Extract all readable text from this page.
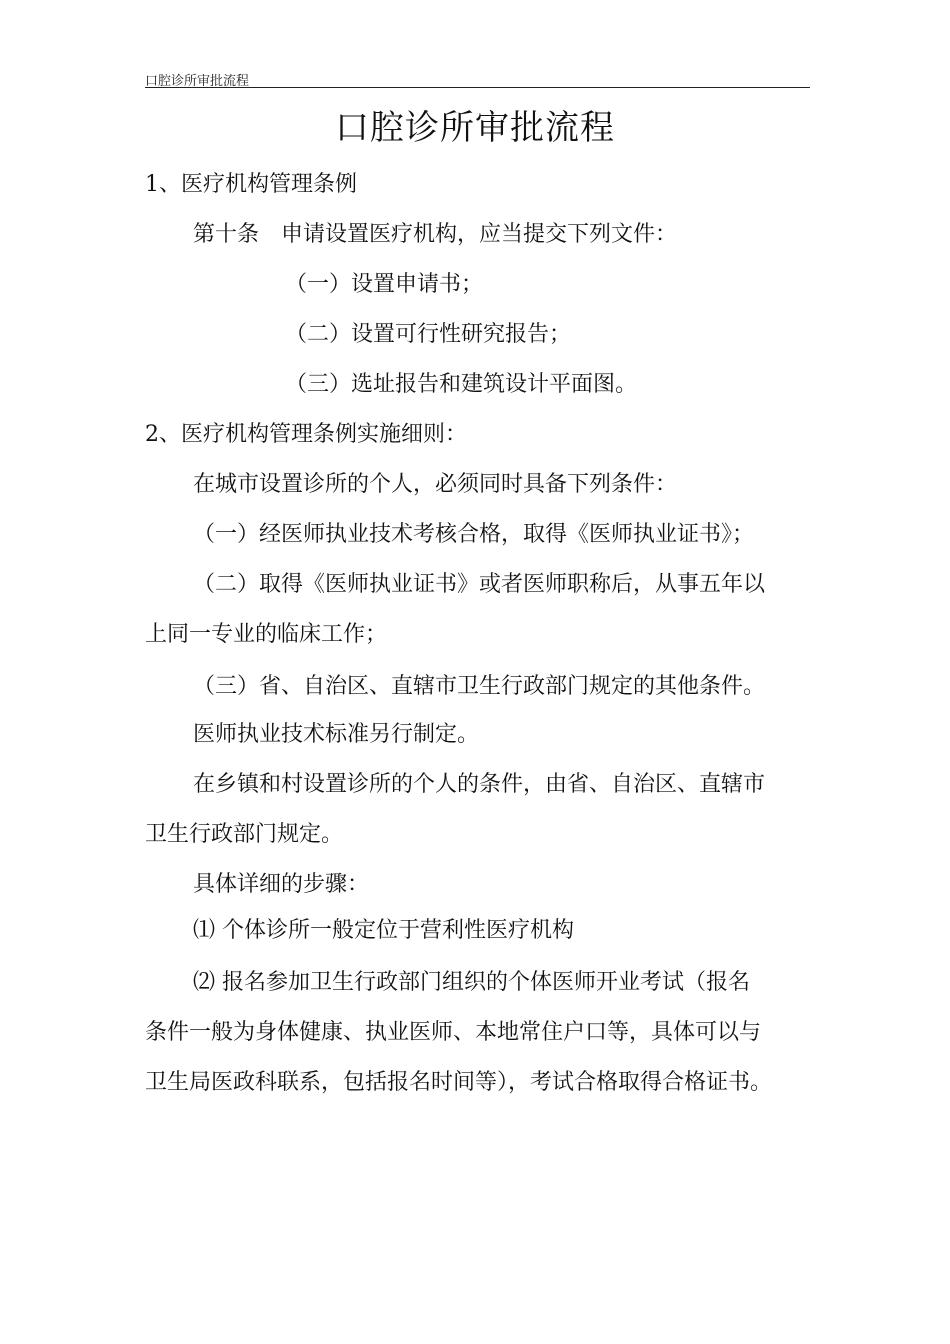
口腔诊所审批流程
口腔诊所审批流程
1、医疗机构管理条例
第十条　申请设置医疗机构，应当提交下列文件：
（一）设置申请书；
（二）设置可行性研究报告；
（三）选址报告和建筑设计平面图。
2、医疗机构管理条例实施细则：
在城市设置诊所的个人，必须同时具备下列条件：
（一）经医师执业技术考核合格，取得《医师执业证书》；
（二）取得《医师执业证书》或者医师职称后，从事五年以
上同一专业的临床工作；
（三）省、自治区、直辖市卫生行政部门规定的其他条件。
医师执业技术标准另行制定。
在乡镇和村设置诊所的个人的条件，由省、自治区、直辖市
卫生行政部门规定。
具体详细的步骤：
⑴ 个体诊所一般定位于营利性医疗机构
⑵ 报名参加卫生行政部门组织的个体医师开业考试（报名
条件一般为身体健康、执业医师、本地常住户口等，具体可以与
卫生局医政科联系，包括报名时间等），考试合格取得合格证书。
